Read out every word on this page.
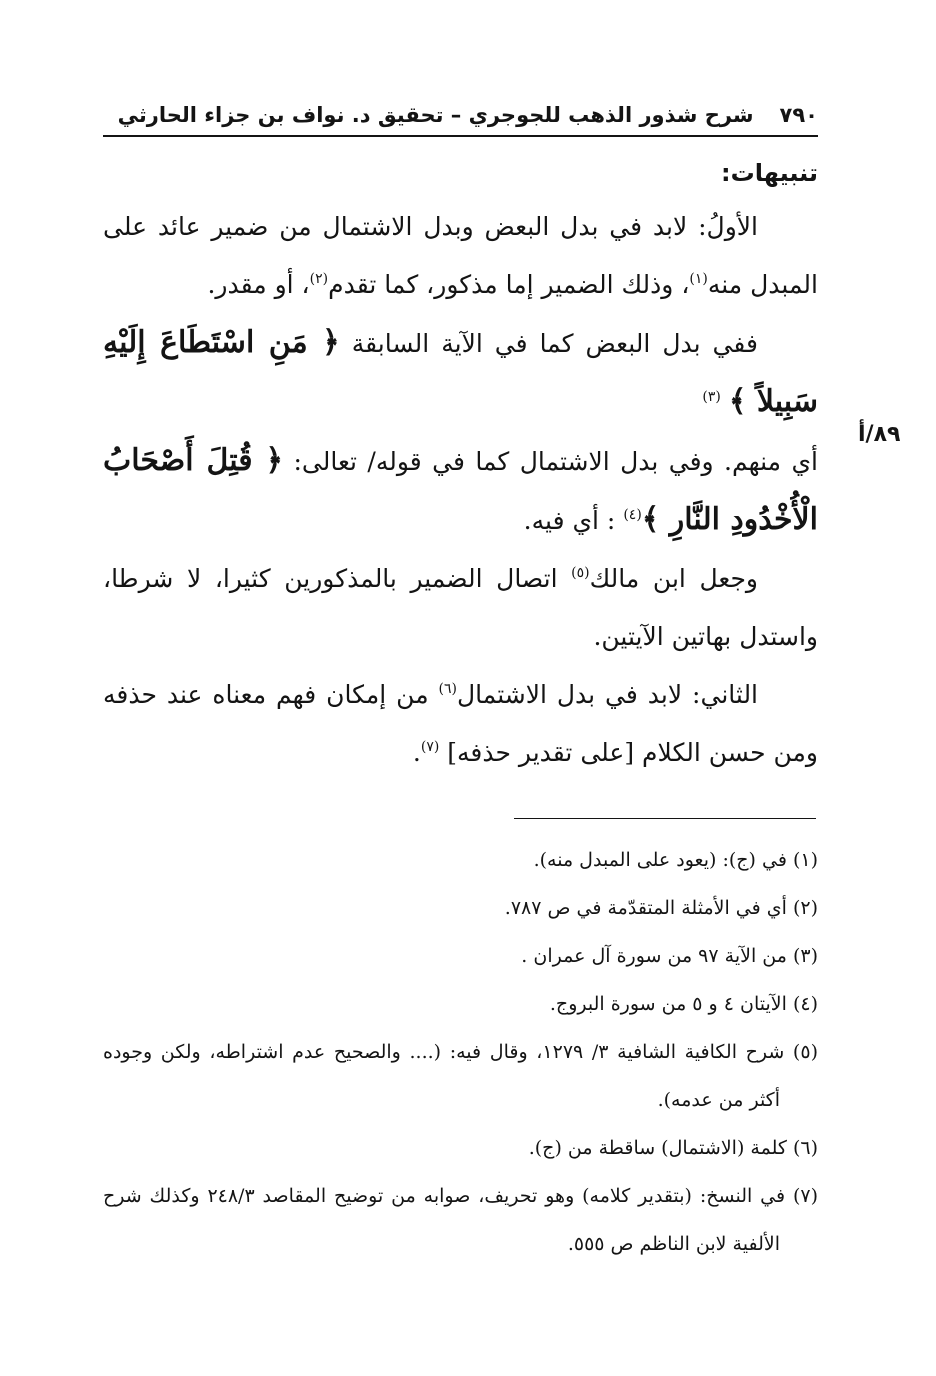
٧٩٠
شرح شذور الذهب للجوجري – تحقيق د. نواف بن جزاء الحارثي
٨٩/أ

تنبيهات:

الأولُ: لابد في بدل البعض وبدل الاشتمال من ضمير عائد على المبدل منه$^{(١)}$، وذلك الضمير إما مذكور، كما تقدم$^{(٢)}$، أو مقدر.

ففي بدل البعض كما في الآية السابقة ﴿ مَنِ اسْتَطَاعَ إِلَيْهِ سَبِيلاً ﴾ $^{(٣)}$

أي منهم. وفي بدل الاشتمال كما في قوله/ تعالى: ﴿ قُتِلَ أَصْحَابُ الْأُخْدُودِ النَّارِ ﴾$^{(٤)}$ : أي فيه.

وجعل ابن مالك$^{(٥)}$ اتصال الضمير بالمذكورين كثيرا، لا شرطا، واستدل بهاتين الآيتين.

الثاني: لابد في بدل الاشتمال$^{(٦)}$ من إمكان فهم معناه عند حذفه ومن حسن الكلام [على تقدير حذفه] $^{(٧)}$.

(١) في (ج): (يعود على المبدل منه).

(٢) أي في الأمثلة المتقدّمة في ص ٧٨٧.

(٣) من الآية ٩٧ من سورة آل عمران .

(٤) الآيتان ٤ و ٥ من سورة البروج.

(٥) شرح الكافية الشافية ٣/ ١٢٧٩، وقال فيه: (.... والصحيح عدم اشتراطه، ولكن وجوده أكثر من عدمه).

(٦) كلمة (الاشتمال) ساقطة من (ج).

(٧) في النسخ: (بتقدير كلامه) وهو تحريف، صوابه من توضيح المقاصد ٢٤٨/٣ وكذلك شرح الألفية لابن الناظم ص ٥٥٥.
